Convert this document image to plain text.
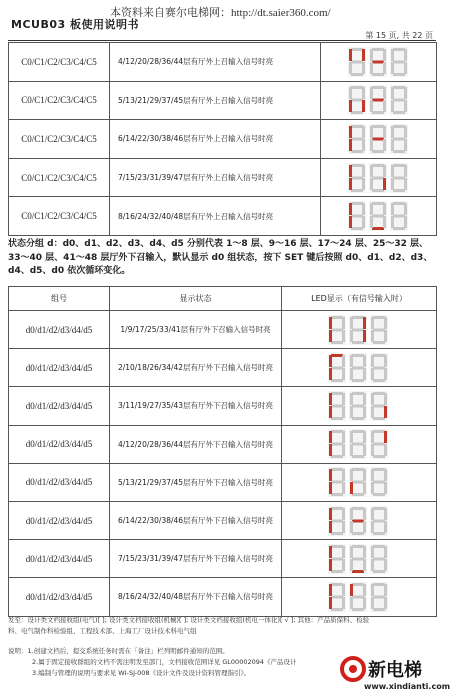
本资料来自赛尔电梯网：http://dt.saier360.com/
MCUB03 板使用说明书
第 15 页, 共 22 页
C0/C1/C2/C3/C4/C5	4/12/20/28/36/44层有厅外上召输入信号时亮	
C0/C1/C2/C3/C4/C5	5/13/21/29/37/45层有厅外上召输入信号时亮	
C0/C1/C2/C3/C4/C5	6/14/22/30/38/46层有厅外上召输入信号时亮	
C0/C1/C2/C3/C4/C5	7/15/23/31/39/47层有厅外上召输入信号时亮	
C0/C1/C2/C3/C4/C5	8/16/24/32/40/48层有厅外上召输入信号时亮	
状态分组 d：d0、d1、d2、d3、d4、d5 分别代表 1～8 层、9～16 层、17～24 层、25～32 层、
33～40 层、41～48 层厅外下召输入，默认显示 d0 组状态，按下 SET 键后按照 d0、d1、d2、d3、
d4、d5、d0 依次循环变化。
组号	显示状态	LED显示（有信号输入时）
d0/d1/d2/d3/d4/d5	1/9/17/25/33/41层有厅外下召输入信号时亮	
d0/d1/d2/d3/d4/d5	2/10/18/26/34/42层有厅外下召输入信号时亮	
d0/d1/d2/d3/d4/d5	3/11/19/27/35/43层有厅外下召输入信号时亮	
d0/d1/d2/d3/d4/d5	4/12/20/28/36/44层有厅外下召输入信号时亮	
d0/d1/d2/d3/d4/d5	5/13/21/29/37/45层有厅外下召输入信号时亮	
d0/d1/d2/d3/d4/d5	6/14/22/30/38/46层有厅外下召输入信号时亮	
d0/d1/d2/d3/d4/d5	7/15/23/31/39/47层有厅外下召输入信号时亮	
d0/d1/d2/d3/d4/d5	8/16/24/32/40/48层有厅外下召输入信号时亮	
发至：设计类文档接收组(电气)[ ]; 设计类文档接收组(机械)[ ]; 设计类文档接收组(机电一体化)[ √ ]; 其他：产品质保科、检验
科、电气制作科检验组、工程技术部、上海工厂设计技术科电气组
说明：1.创建文档后，提交系统任务时需在「备注」栏列明邮件通知的范围。
2.属于固定接收群组的文档不需注明发至部门，文档接收范围详见 GL00002094《产品设计
3.编制与管理的说明与要求见 WI-SJ-008《设计文件及设计资料管理指引》。	新电梯
www.xindianti.com
